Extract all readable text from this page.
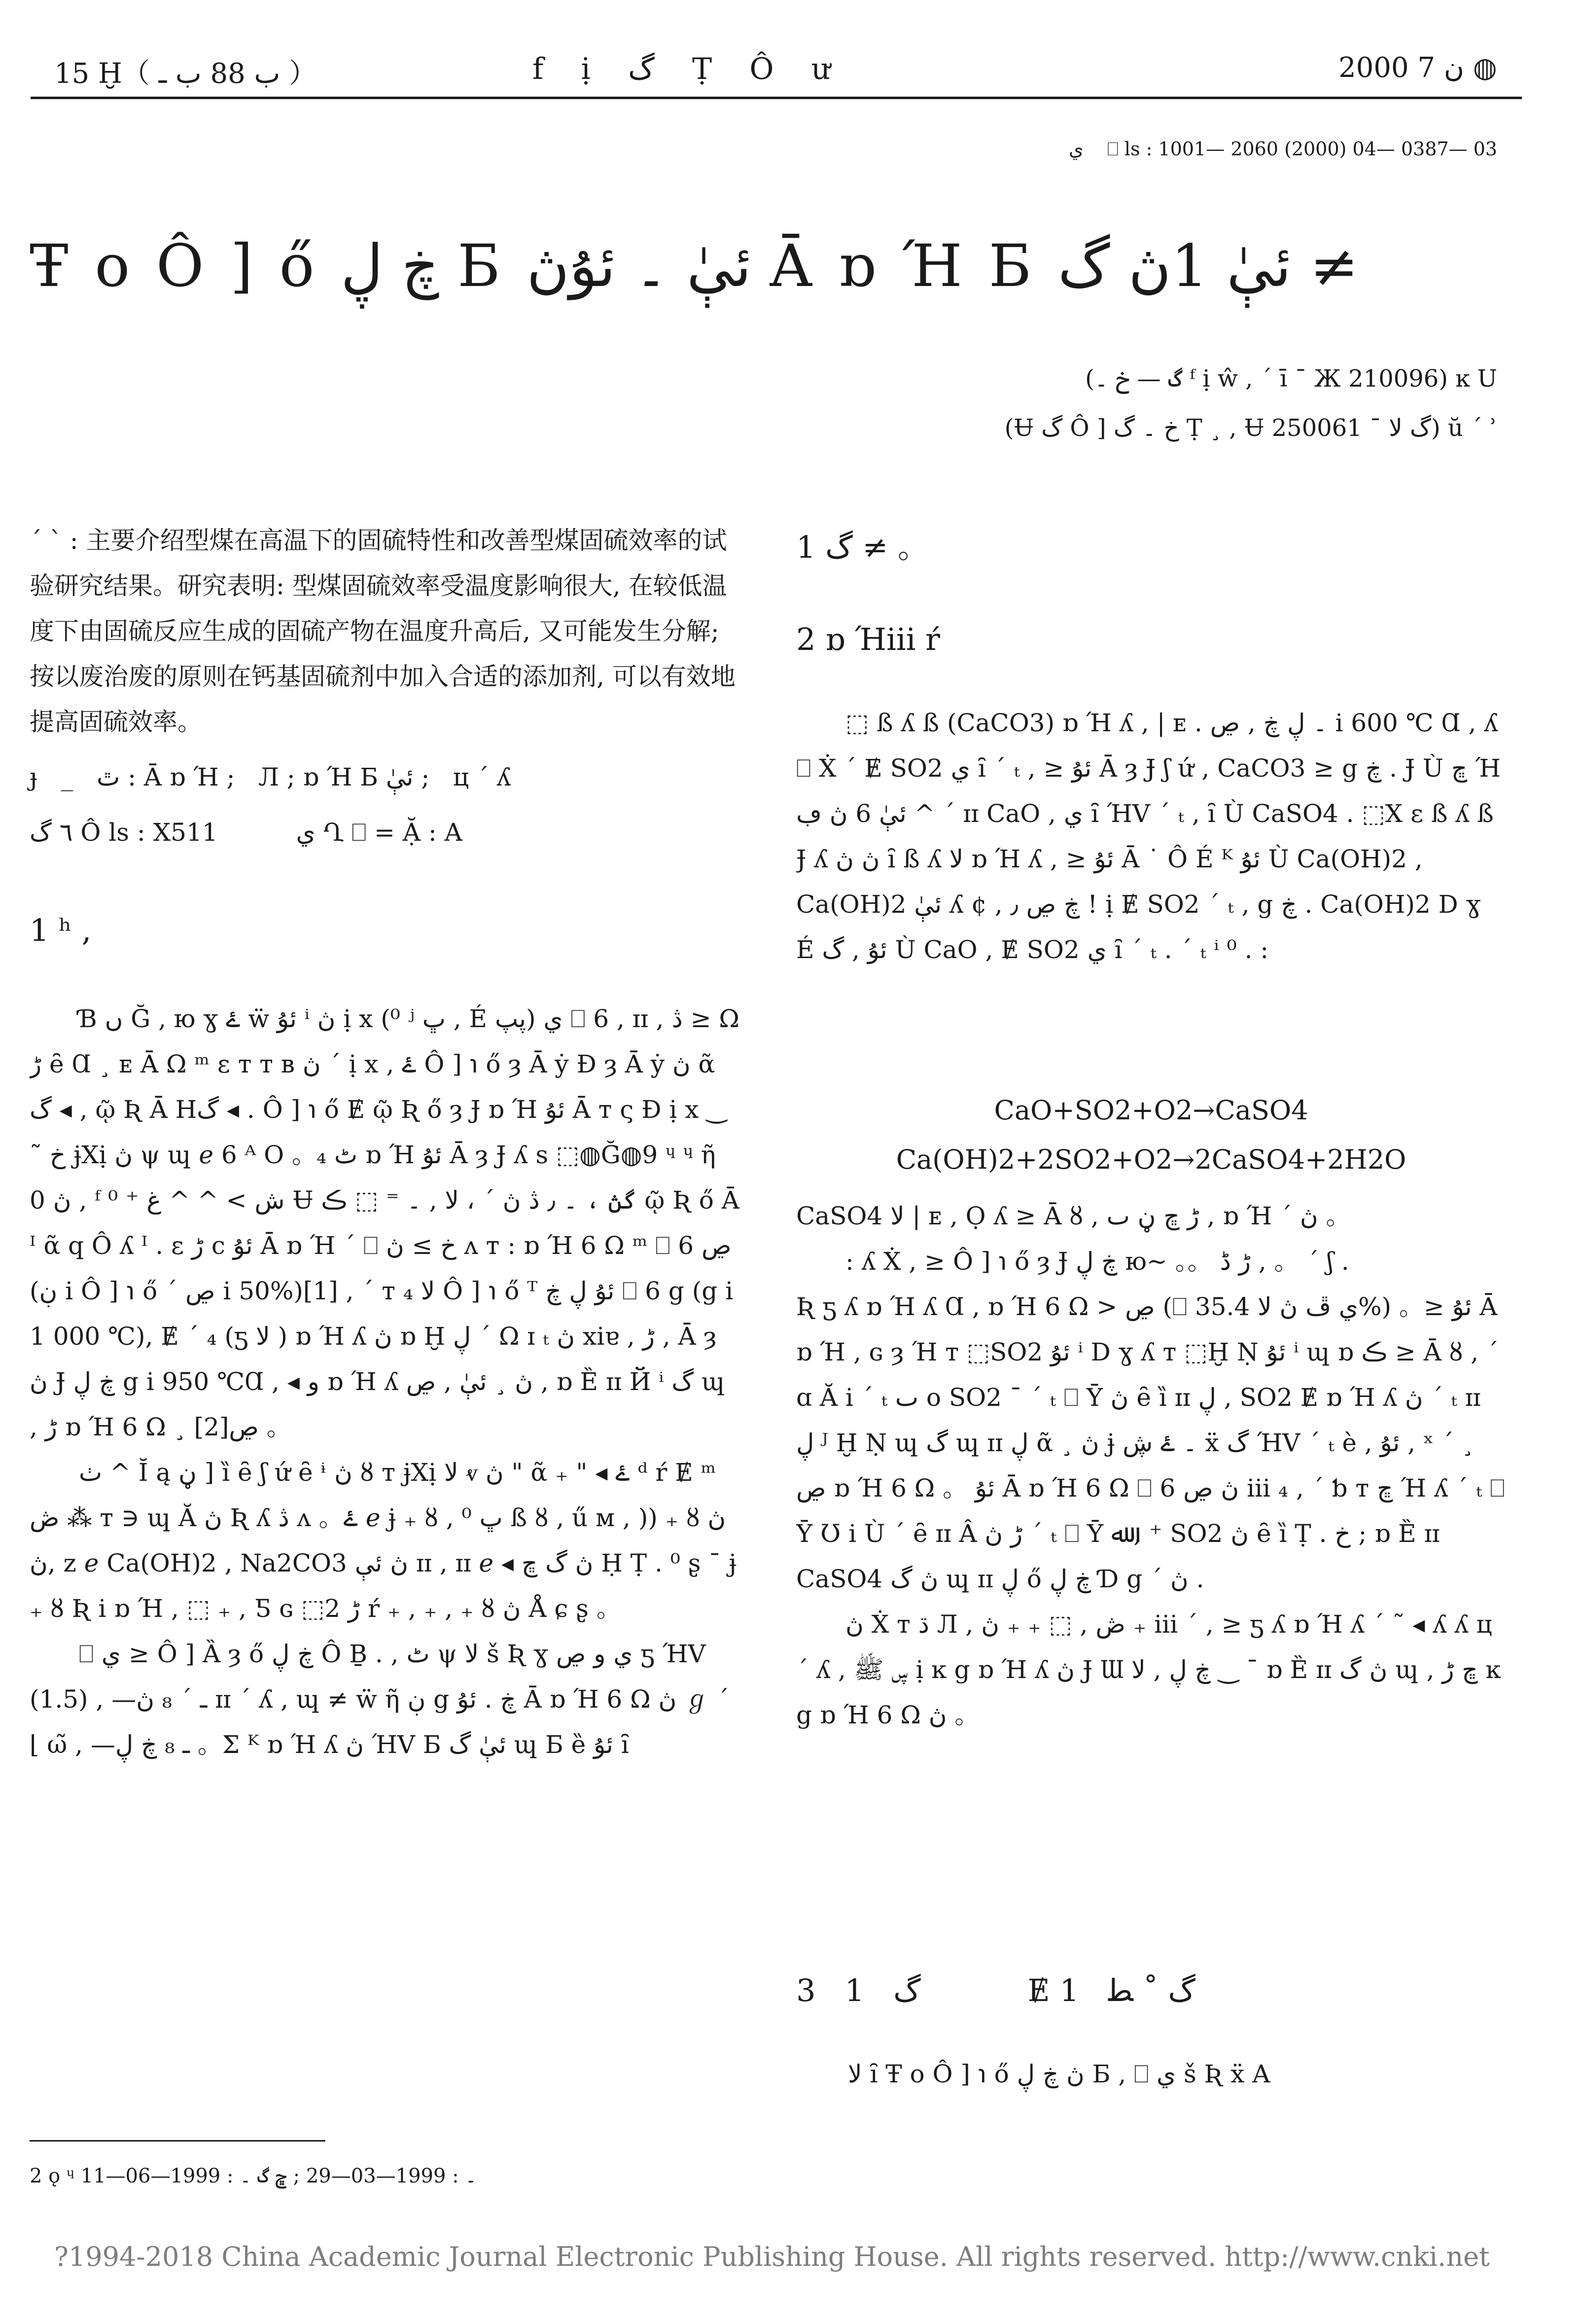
15 Ḫ（ ب 88 ب ـ ）	f    ị    گ    Ṭ    Ô    ư	2000 ن 7 ◍
ي    ⎕ ls : 1001— 2060 (2000) 04— 0387— 03
Ŧ o Ô ] ő ڿ ڸ Б ئېٰ ۔ ئۇڽ Ā ɒ Ή Б ئېٰ 1ڽ گ ≠
(گ — خ ۔ ᶠ ị ŵ , ˊ ī ¯ Ж 210096) ĸ U
(Ʉ گ Ô ] خ ۔ گ Ṭ ¸ , Ʉ گ ﻻ ¯ 250061) ŭ ˊ ʾ

ˊ ˋ : 主要介绍型煤在高温下的固硫特性和改善型煤固硫效率的试验研究结果。研究表明: 型煤固硫效率受温度影响很大, 在较低温度下由固硫反应生成的固硫产物在温度升高后, 又可能发生分解; 按以废治废的原则在钙基固硫剂中加入合适的添加剂, 可以有效地提高固硫效率。

ɟ   _   ٿ : Ā ɒ Ή ;   Л ; ɒ Ή Б ئېٰ ;   ц ˊ ʎ

٦ گ Ô ls : X511          ي Ղ ⎕ = Ặ : A

1 ʰ ,

Ɓ ں Ğ , ю ɣ ۓ ẅ ﺋﯘ ⁱ ڽ ị x (⁰ ʲ ڀ , É ڽپ) ي ⎕ 6 , ɪɪ , ڎ ≥ Ω ڑ ȇ Ɑ ¸ ᴇ Ā Ω ᵐ ε ᴛ ᴛ ʙ ڽ ˊ ị x , ۓ Ô ] ℩ ő ȝ Ā ẏ Ɖ ȝ Ā ẏ ڽ ᾶ گ ◂ , ῷ Ʀ Ā Hگ ◂ . Ô ] ℩ ő Ɇ ῷ Ʀ ő ȝ Ɉ ɒ Ή ﺋﯘ Ā ᴛ ς Ɖ ị x ‿ ˜ خ ɉXị ڽ ψ ɰ ℯ 6 ᴬ O 。₄ ٹ ɒ Ή ﺋﯘ Ā ȝ Ɉ ʎ s ⬚◍Ğ◍9 ᶣ ᶣ ῆ ڽ 0 , ᶠ ش > ^ ^ ﻍ ⁺ ⁰ Ʉ گڽ ، ۔ ٫ ڎ ڽ ˊ ، ﻻ , ۔ ⁼ ⬚ ڪ ῷ Ʀ ő Ā ᴵ ᾶ ԛ Ô ʎ ᴵ . ε ڑ c ﺋﯘ Ā ɒ Ή ˊ ⎕ خ ≥ ڽ ʌ ᴛ : ɒ Ή 6 Ω ᵐ ⎕ 6 ڝ (ڹ i Ô ] ℩ ő ˊ ڝ i 50%)[1] , ˊ ᴛ ₄ ﻻ Ô ] ℩ ő ᵀ ﺋﯘ ڸ ڿ ⎕ 6 g (g i 1 000 ℃), Ɇ ˊ ₄ (ƽ ﻻ ) ɒ Ή ʎ ڽ ɒ Ḫ ڸ ˊ Ω ɪ ₜ ڽ xiɐ , ڑ , Ā ȝ ڽ Ɉ ڿ ڸ g i 950 ℃Ɑ , ◂ و ɒ Ή ʎ ڽ ¸ ئېٰ , ڝ , ɒ Ȅ ɪɪ Й ⁱ گ ɰ , ڑ ɒ Ή 6 Ω ¸ ڝ[2] 。

ٺ ^ Ĭ ą ڼ ] ȉ ȇ ʃ ứ ȇ ᶤ ڽ ȣ ᴛ ɉXị ﻻ ⱴ ڽ " ᾶ ₊ " ◂ ۓ ᵈ ŕ Ɇ ᵐ ڞ ⁂ ᴛ ∋ ɰ Ă ڽ Ʀ ʎ ڎ ʌ 。ۓ ℯ ɉ ₊ ȣ , ⁰ ڀ ß ȣ , ű ᴍ , )) ₊ ȣ ڽ ڽ, z ℯ Ca(OH)2 , Na2CO3 ڽ ئې ɪɪ , ɪɪ ℯ ◂ ڽ گ ڇ Ḥ Ṭ . ⁰ ʂ ¯ ɉ ₊ ȣ Ʀ i ɒ Ή , ⬚ ₊ , Ƽ ɢ ⬚2 ڑ ŕ ₊ , ₊ , ₊ ȣ ڽ Å ɕ ʂ 。

⎕ ي ≥ Ô ] Ȁ ȝ ő ڿ ڸ Ô Ḇ . , ٹ ψ ﻻ š Ʀ ɣ ي و ڝ ƽ ΉV (1.5) , —ـ ˊ ₈ ڽ ɪɪ ˊ ʎ , ɰ ≠ ẅ ῆ ڹ g ڿ . ﺋﯘ Ā ɒ Ή 6 Ω ڽ ℊ ˊ ⌊ ω̃ , —ـ ₈ ڿ ڸ 。Σ ᴷ ɒ Ή ʎ ڽ ΉV Б ئېٰ گ ɰ Б ȅ ﺋﯘ ȋ

2 ǫ ᶣ ۔ : 1999—03—29 ; ڇ گ ۔ : 1999—06—11
1 گ ≠ 。
2 ɒ Ήiii ŕ

⬚ ß ʎ ß (CaCO3) ɒ Ή ʎ , | ᴇ . ۔ ڸ ڿ , ڝ i 600 ℃ Ɑ , ʎ ⎕ Ẋ ˊ Ɇ SO2 ي ȋ ˊ ₜ , ≥ ﺋﯘ Ā ȝ Ɉ ʃ ứ , CaCO3 ≥ g ڿ . Ɉ Ù ڇ Ή ئېٰ 6 ڽ ڢ ^ ˊ ɪɪ CaO , ي ȋ ΉV ˊ ₜ , ȋ Ù CaSO4 . ⬚X ε ß ʎ ß Ɉ ʎ ڽ ڽ ȋ ß ʎ ﻻ ɒ Ή ʎ , ≥ ﺋﯘ Ā ˙ Ô É ᴷ ﺋﯘ Ù Ca(OH)2 , Ca(OH)2 ئېٰ ʎ ¢ , ڿ ڝ ٫ ! ị Ɇ SO2 ˊ ₜ , g ڿ . Ca(OH)2 D ɣ É ﺋﯘ , گ Ù CaO , Ɇ SO2 ي ȋ ˊ ₜ . ˊ ₜ ⁱ ⁰ . :

CaO+SO2+O2→CaSO4
Ca(OH)2+2SO2+O2→2CaSO4+2H2O

CaSO4 ﻻ | ᴇ , Ọ ʎ ≥ Ā ȣ , ڑ ڇ ڼ ٮ , ɒ Ή ˊ ڽ 。

: ʎ Ẋ , ≥ Ô ] ℩ ő ȝ Ɉ ڿ ڸ ю~ 。。 ڑ ڈ , 。 ˊ ʃ .

Ʀ ƽ ʎ ɒ Ή ʎ Ɑ , ɒ Ή 6 Ω > ڝ (⎕ ي ڦ ڽ ﻻ 35.4%) 。≥ ﺋﯘ Ā ɒ Ή ‚ ɢ ȝ Ή ᴛ ⬚SO2 ﺋﯘ ⁱ D ɣ ʎ ᴛ ⬚Ḫ Ṇ ﺋﯘ ⁱ ɰ ɒ ڪ ≥ Ā ȣ , ˊ ɑ Ă i ˊ ₜ ٮ o SO2 ¯ ˊ ₜ ⎕ Ȳ ڽ ȇ ȉ ɪɪ ڸ , SO2 Ɇ ɒ Ή ʎ ڽ ˊ ₜ ɪɪ ڸ ᴶ Ḫ Ṇ ɰ گ ɰ ɪɪ ڸ ᾶ ¸ ڽ ɉ ۔ ۓ ڜ ẍ گ ΉV ˊ ₜ è , ﺋﯘ , ˣ ˊ ¸ ڝ ɒ Ή 6 Ω 。 ﺋﯘ Ā ɒ Ή 6 Ω ⎕ 6 ڽ ڝ iii ₄ , ˊ ƅ ᴛ ڇ Ή ʎ ˊ ₜ ⎕ Ȳ Ʊ i Ù ˊ ȇ ɪɪ Â ڑ ڽ ˊ ₜ ⎕ Ȳ ﷲ , ⁺ SO2 ڽ ȇ ȉ Ṭ . خ ; ɒ Ȅ ɪɪ CaSO4 ڽ گ ɰ ɪɪ ڸ ő ڿ ڸ Ɗ g ˊ ڽ .

ڽ Ẋ ᴛ ڌ Л , ڞ , ⬚ ₊ ₊ ڽ ₊ iii ˊ , ≥ ƽ ʎ ɒ Ή ʎ ˊ ˜ ◂ ʎ ʎ ц ˊ ʎ , ڛ ﷺ ị ĸ g ɒ Ή ʎ ڽ Ɉ Ɯ ڿ ڸ , ﻻ ‿ ¯ ɒ Ȅ ɪɪ ڽ گ ɰ , ڇ ڑ ĸ g ɒ Ή 6 Ω ڽ 。

3   1   گ           Ɇ 1   گ ˚ ﻄ
ﻻ ȋ Ŧ o Ô ] ℩ ő ڽ ڿ ڸ Б , ⎕ ي š Ʀ ẍ A
?1994-2018 China Academic Journal Electronic Publishing House. All rights reserved. http://www.cnki.net
